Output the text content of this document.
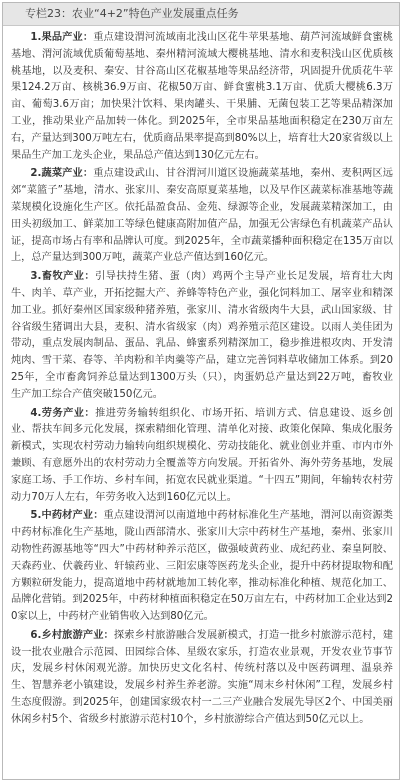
专栏23：农业“4+2”特色产业发展重点任务

1.果品产业：重点建设渭河流域南北浅山区花牛苹果基地、葫芦河流域鲜食蜜桃基地、渭河流域优质葡萄基地、秦州精河流域大樱桃基地、清水和麦积浅山区优质核桃基地，以及麦积、秦安、甘谷高山区花椒基地等果品经济带，巩固提升优质花牛苹果124.2万亩、核桃36.9万亩、花椒50万亩、鲜食蜜桃3.1万亩、优质大樱桃6.3万亩、葡萄3.6万亩；加快果汁饮料、果肉罐头、干果脯、无菌包装工艺等果品精深加工业，推动果业产品加转一体化。到2025年，全市果品基地面积稳定在230万亩左右，产量达到300万吨左右，优质商品果率提高到80%以上，培育壮大20家省级以上果品生产加工龙头企业，果品总产值达到130亿元左右。

2.蔬菜产业：重点建设武山、甘谷渭河川道区设施蔬菜基地，秦州、麦积两区远郊“菜篮子”基地，清水、张家川、秦安高原夏菜基地，以及早作区蔬菜标准基地等蔬菜规模化设施化生产区。依托晶盈食品、金苑、绿源等企业，发展蔬菜精深加工，由田头初级加工、鲜菜加工等绿色健康高附加值产品，加强无公害绿色有机蔬菜产品认证，提高市场占有率和品牌认可度。到2025年，全市蔬菜播种面积稳定在135万亩以上，总产量达到300万吨，蔬菜产业总产值达到160亿元。

3.畜牧产业：引导扶持生猪、蛋（肉）鸡两个主导产业长足发展，培育壮大肉牛、肉羊、草产业，开拓挖掘大产、养蜂等特色产业，强化饲料加工、屠宰业和精深加工业。抓好秦州区国家级种猪养殖，张家川、清水省级肉牛大县，武山国家级、甘谷省级生猪调出大县，麦积、清水省级家（肉）鸡养殖示范区建设。以雨人美佳团为带动，重点发展肉制品、蛋品、乳品、蜂蜜系列精深加工，稳步推进根攻肉、开发清炖肉、雪干菜、春等、羊肉粉和羊肉羹等产品，建立完善饲料草收储加工体系。到2025年，全市畜禽饲养总量达到1300万头（只），肉蛋奶总产量达到22万吨，畜牧业生产加工综合产值突破150亿元。

4.劳务产业：推进劳务输转组织化、市场开拓、培训方式、信息建设、返乡创业、帮扶车间多元化发展，探索精细化管理、清单化对接、政策化保障、集成化服务新模式，实现农村劳动力输转向组织规模化、劳动技能化、就业创业并重、市内市外兼顾、有意愿外出的农村劳动力全覆盖等方向发展。开拓省外、海外劳务基地，发展家庭工场、手工作坊、乡村车间，拓宽农民就业渠道。“十四五”期间，年输转农村劳动力70万人左右，年劳务收入达到160亿元以上。

5.中药材产业：重点建设渭河以南道地中药材标准化生产基地，渭河以南资源类中药材标准化生产基地，陇山西部清水、张家川大宗中药材生产基地，秦州、张家川动物性药源基地等“四大”中药材种养示范区，做强岐黄药业、成纪药业、秦皇阿胶、天森药业、伏羲药业、轩辕药业、三阳宏康等医药龙头企业，提升中药材提取物和配方颗粒研发能力，提高道地中药材就地加工转化率，推动标准化种植、规范化加工、品牌化营销。到2025年，中药材种植面积稳定在50万亩左右，中药材加工企业达到20家以上，中药材产业销售收入达到80亿元。

6.乡村旅游产业：探索乡村旅游融合发展新模式，打造一批乡村旅游示范村，建设一批农业融合示范园、田园综合体、星级农家乐，打造农业景观，开发农业节事节庆，发展乡村休闲观光游。加快历史文化名村、传统村落以及中医药调理、温泉养生、智慧养老小镇建设，发展乡村养生养老游。实施“周末乡村休闲”工程，发展乡村生态度假游。到2025年，创建国家级农村一二三产业融合发展先导区2个、中国美丽休闲乡村5个、省级乡村旅游示范村10个，乡村旅游综合产值达到50亿元以上。
